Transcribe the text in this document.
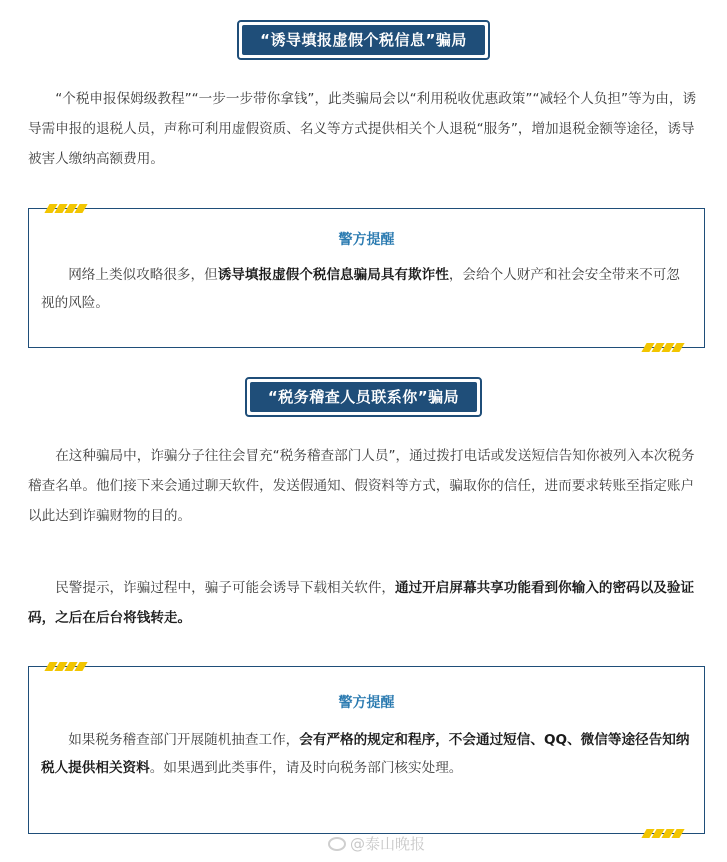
“诱导填报虚假个税信息”骗局

“个税申报保姆级教程”“一步一步带你拿钱”，此类骗局会以“利用税收优惠政策”“减轻个人负担”等为由，诱导需申报的退税人员，声称可利用虚假资质、名义等方式提供相关个人退税“服务”，增加退税金额等途径，诱导被害人缴纳高额费用。

警方提醒

网络上类似攻略很多，但诱导填报虚假个税信息骗局具有欺诈性，会给个人财产和社会安全带来不可忽视的风险。

“税务稽查人员联系你”骗局

在这种骗局中，诈骗分子往往会冒充“税务稽查部门人员”，通过拨打电话或发送短信告知你被列入本次税务稽查名单。他们接下来会通过聊天软件，发送假通知、假资料等方式，骗取你的信任，进而要求转账至指定账户以此达到诈骗财物的目的。

民警提示，诈骗过程中，骗子可能会诱导下载相关软件，通过开启屏幕共享功能看到你输入的密码以及验证码，之后在后台将钱转走。

警方提醒

如果税务稽查部门开展随机抽查工作，会有严格的规定和程序，不会通过短信、QQ、微信等途径告知纳税人提供相关资料。如果遇到此类事件，请及时向税务部门核实处理。

@泰山晚报
